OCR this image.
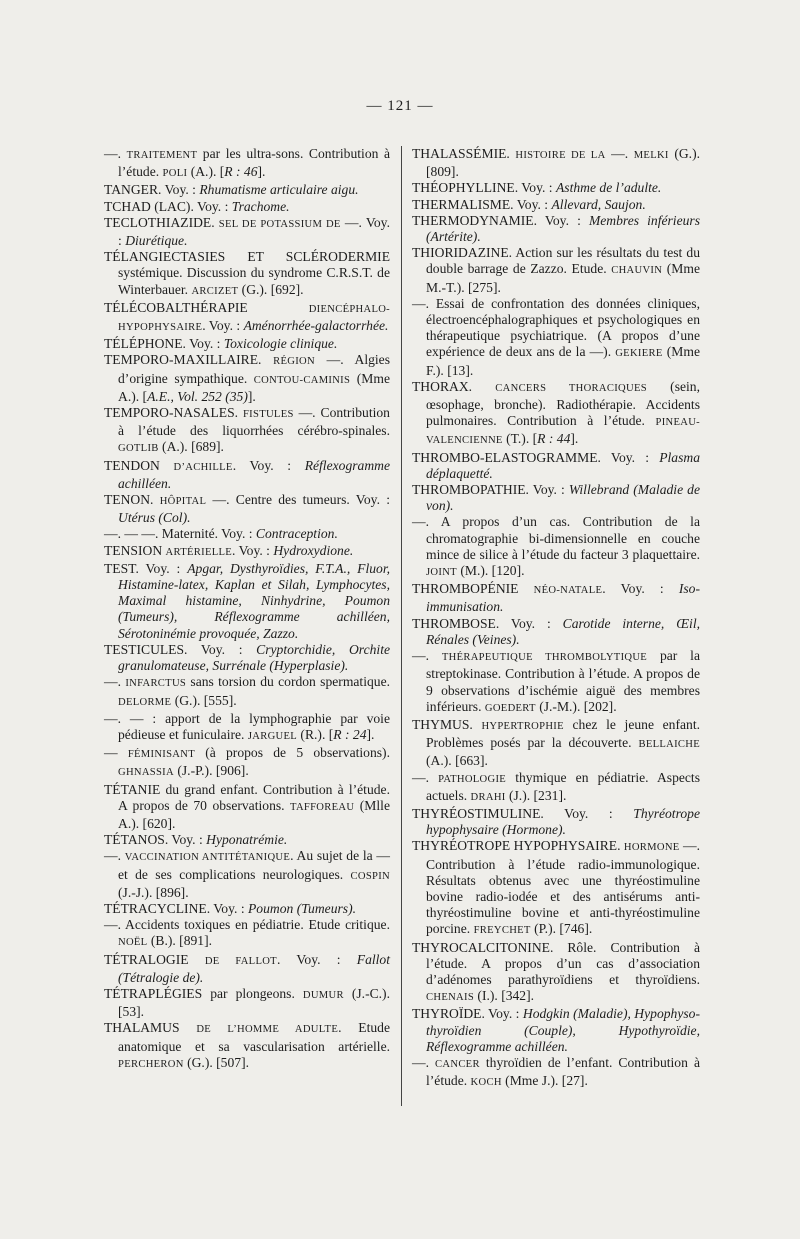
— 121 —

—. TRAITEMENT par les ultra-sons. Contribution à l’étude. POLI (A.). [R : 46].

TANGER. Voy. : Rhumatisme articulaire aigu.

TCHAD (LAC). Voy. : Trachome.

TECLOTHIAZIDE. SEL DE POTASSIUM DE —. Voy. : Diurétique.

TÉLANGIECTASIES ET SCLÉRODERMIE systémique. Discussion du syndrome C.R.S.T. de Winterbauer. ARCIZET (G.). [692].

TÉLÉCOBALTHÉRAPIE DIENCÉPHALO-HYPOPHYSAIRE. Voy. : Aménorrhée-galactorrhée.

TÉLÉPHONE. Voy. : Toxicologie clinique.

TEMPORO-MAXILLAIRE. RÉGION —. Algies d’origine sympathique. CONTOU-CAMINIS (Mme A.). [A.E., Vol. 252 (35)].

TEMPORO-NASALES. FISTULES —. Contribution à l’étude des liquorrhées cérébro-spinales. GOTLIB (A.). [689].

TENDON D’ACHILLE. Voy. : Réflexogramme achilléen.

TENON. HÔPITAL —. Centre des tumeurs. Voy. : Utérus (Col).

—. — —. Maternité. Voy. : Contraception.

TENSION ARTÉRIELLE. Voy. : Hydroxydione.

TEST. Voy. : Apgar, Dysthyroïdies, F.T.A., Fluor, Histamine-latex, Kaplan et Silah, Lymphocytes, Maximal histamine, Ninhydrine, Poumon (Tumeurs), Réflexogramme achilléen, Sérotoninémie provoquée, Zazzo.

TESTICULES. Voy. : Cryptorchidie, Orchite granulomateuse, Surrénale (Hyperplasie).

—. INFARCTUS sans torsion du cordon spermatique. DELORME (G.). [555].

—. — : apport de la lymphographie par voie pédieuse et funiculaire. JARGUEL (R.). [R : 24].

— FÉMINISANT (à propos de 5 observations). GHNASSIA (J.-P.). [906].

TÉTANIE du grand enfant. Contribution à l’étude. A propos de 70 observations. TAFFOREAU (Mlle A.). [620].

TÉTANOS. Voy. : Hyponatrémie.

—. VACCINATION ANTITÉTANIQUE. Au sujet de la — et de ses complications neurologiques. COSPIN (J.-J.). [896].

TÉTRACYCLINE. Voy. : Poumon (Tumeurs).

—. Accidents toxiques en pédiatrie. Etude critique. NOËL (B.). [891].

TÉTRALOGIE DE FALLOT. Voy. : Fallot (Tétralogie de).

TÉTRAPLÉGIES par plongeons. DUMUR (J.-C.). [53].

THALAMUS DE L’HOMME ADULTE. Etude anatomique et sa vascularisation artérielle. PERCHERON (G.). [507].

THALASSÉMIE. HISTOIRE DE LA —. MELKI (G.). [809].

THÉOPHYLLINE. Voy. : Asthme de l’adulte.

THERMALISME. Voy. : Allevard, Saujon.

THERMODYNAMIE. Voy. : Membres inférieurs (Artérite).

THIORIDAZINE. Action sur les résultats du test du double barrage de Zazzo. Etude. CHAUVIN (Mme M.-T.). [275].

—. Essai de confrontation des données cliniques, électroencéphalographiques et psychologiques en thérapeutique psychiatrique. (A propos d’une expérience de deux ans de la —). GEKIERE (Mme F.). [13].

THORAX. CANCERS THORACIQUES (sein, œsophage, bronche). Radiothérapie. Accidents pulmonaires. Contribution à l’étude. PINEAU-VALENCIENNE (T.). [R : 44].

THROMBO-ELASTOGRAMME. Voy. : Plasma déplaquetté.

THROMBOPATHIE. Voy. : Willebrand (Maladie de von).

—. A propos d’un cas. Contribution de la chromatographie bi-dimensionnelle en couche mince de silice à l’étude du facteur 3 plaquettaire. JOINT (M.). [120].

THROMBOPÉNIE NÉO-NATALE. Voy. : Iso-immunisation.

THROMBOSE. Voy. : Carotide interne, Œil, Rénales (Veines).

—. THÉRAPEUTIQUE THROMBOLYTIQUE par la streptokinase. Contribution à l’étude. A propos de 9 observations d’ischémie aiguë des membres inférieurs. GOEDERT (J.-M.). [202].

THYMUS. HYPERTROPHIE chez le jeune enfant. Problèmes posés par la découverte. BELLAICHE (A.). [663].

—. PATHOLOGIE thymique en pédiatrie. Aspects actuels. DRAHI (J.). [231].

THYRÉOSTIMULINE. Voy. : Thyréotrope hypophysaire (Hormone).

THYRÉOTROPE HYPOPHYSAIRE. HORMONE —. Contribution à l’étude radio-immunologique. Résultats obtenus avec une thyréostimuline bovine radio-iodée et des antisérums anti-thyréostimuline bovine et anti-thyréostimuline porcine. FREYCHET (P.). [746].

THYROCALCITONINE. Rôle. Contribution à l’étude. A propos d’un cas d’association d’adénomes parathyroïdiens et thyroïdiens. CHENAIS (I.). [342].

THYROÏDE. Voy. : Hodgkin (Maladie), Hypophyso-thyroïdien (Couple), Hypothyroïdie, Réflexogramme achilléen.

—. CANCER thyroïdien de l’enfant. Contribution à l’étude. KOCH (Mme J.). [27].
